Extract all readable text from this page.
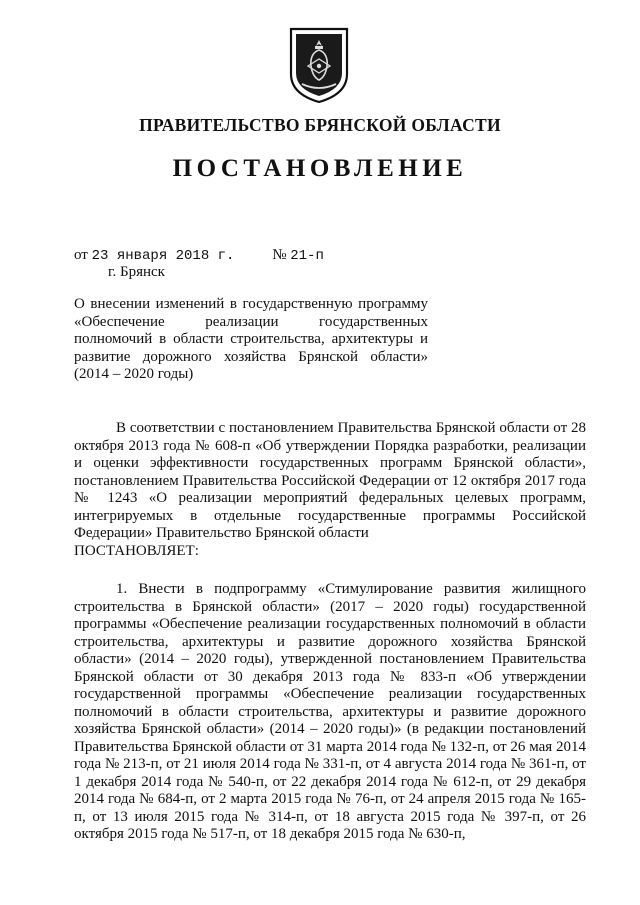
ПРАВИТЕЛЬСТВО БРЯНСКОЙ ОБЛАСТИ
ПОСТАНОВЛЕНИЕ
от 23 января 2018 г.	№ 21-п
г. Брянск
О внесении изменений в государственную программу «Обеспечение реализации государственных полномочий в области строительства, архитектуры и развитие дорожного хозяйства Брянской области» (2014 – 2020 годы)

В соответствии с постановлением Правительства Брянской области от 28 октября 2013 года № 608-п «Об утверждении Порядка разработки, реализации и оценки эффективности государственных программ Брянской области», постановлением Правительства Российской Федерации от 12 октября 2017 года № 1243 «О реализации мероприятий федеральных целевых программ, интегрируемых в отдельные государственные программы Российской Федерации» Правительство Брянской области

ПОСТАНОВЛЯЕТ:

1. Внести в подпрограмму «Стимулирование развития жилищного строительства в Брянской области» (2017 – 2020 годы) государственной программы «Обеспечение реализации государственных полномочий в области строительства, архитектуры и развитие дорожного хозяйства Брянской области» (2014 – 2020 годы), утвержденной постановлением Правительства Брянской области от 30 декабря 2013 года № 833-п «Об утверждении государственной программы «Обеспечение реализации государственных полномочий в области строительства, архитектуры и развитие дорожного хозяйства Брянской области» (2014 – 2020 годы)» (в редакции постановлений Правительства Брянской области от 31 марта 2014 года № 132-п, от 26 мая 2014 года № 213-п, от 21 июля 2014 года № 331-п, от 4 августа 2014 года № 361-п, от 1 декабря 2014 года № 540-п, от 22 декабря 2014 года № 612-п, от 29 декабря 2014 года № 684-п, от 2 марта 2015 года № 76-п, от 24 апреля 2015 года № 165-п, от 13 июля 2015 года № 314-п, от 18 августа 2015 года № 397-п, от 26 октября 2015 года № 517-п, от 18 декабря 2015 года № 630-п,
